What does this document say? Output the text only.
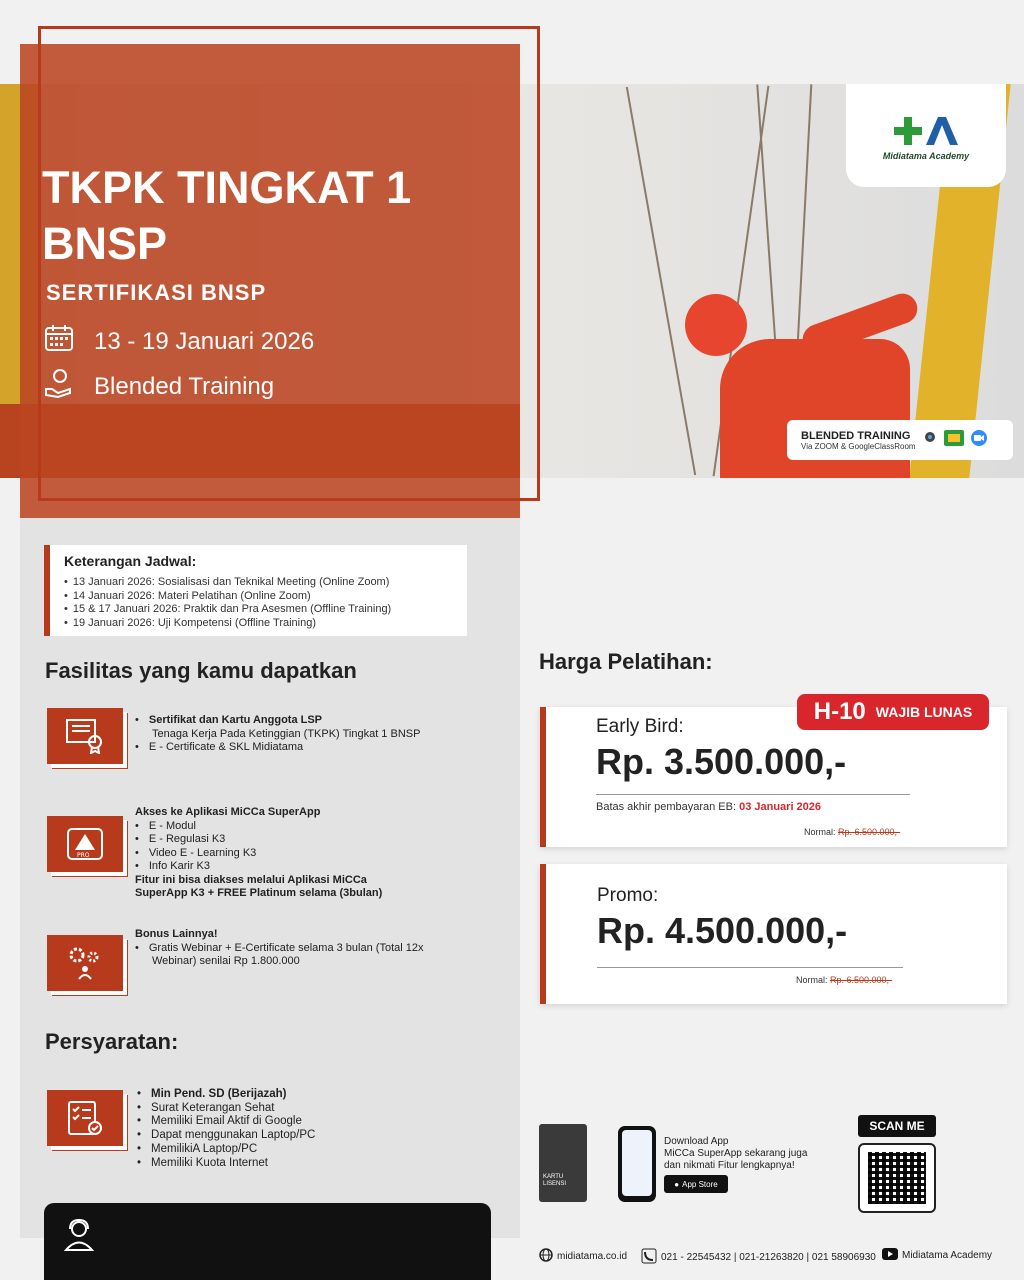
TKPK TINGKAT 1
BNSP
SERTIFIKASI BNSP
13 - 19 Januari 2026
Blended Training
Midiatama Academy
BLENDED TRAINING
Via ZOOM & GoogleClassRoom
Keterangan Jadwal:
• 13 Januari 2026: Sosialisasi dan Teknikal Meeting (Online Zoom)
• 14 Januari 2026: Materi Pelatihan (Online Zoom)
• 15 & 17 Januari 2026: Praktik dan Pra Asesmen (Offline Training)
• 19 Januari 2026: Uji Kompetensi (Offline Training)
Fasilitas yang kamu dapatkan
• Sertifikat dan Kartu Anggota LSP
Tenaga Kerja Pada Ketinggian (TKPK) Tingkat 1 BNSP
• E - Certificate & SKL Midiatama
PRO
Akses ke Aplikasi MiCCa SuperApp
• E - Modul
• E - Regulasi K3
• Video E - Learning K3
• Info Karir K3
Fitur ini bisa diakses melalui Aplikasi MiCCa
SuperApp K3 + FREE Platinum selama (3bulan)
Bonus Lainnya!
• Gratis Webinar + E-Certificate selama 3 bulan (Total 12x
Webinar) senilai Rp 1.800.000
Persyaratan:
• Min Pend. SD (Berijazah)
• Surat Keterangan Sehat
• Memiliki Email Aktif di Google
• Dapat menggunakan Laptop/PC
• MemilikiA Laptop/PC
• Memiliki Kuota Internet
Harga Pelatihan:
Early Bird:
Rp. 3.500.000,-
Batas akhir pembayaran EB: 03 Januari 2026
Normal: Rp. 6.500.000,-
H-10 WAJIB LUNAS
Promo:
Rp. 4.500.000,-
Normal: Rp. 6.500.000,-
KARTU LISENSI
Download App
MiCCa SuperApp sekarang juga
dan nikmati Fitur lengkapnya!
● App Store
SCAN ME
midiatama.co.id	021 - 22545432 | 021-21263820 | 021 58906930	Midiatama Academy
